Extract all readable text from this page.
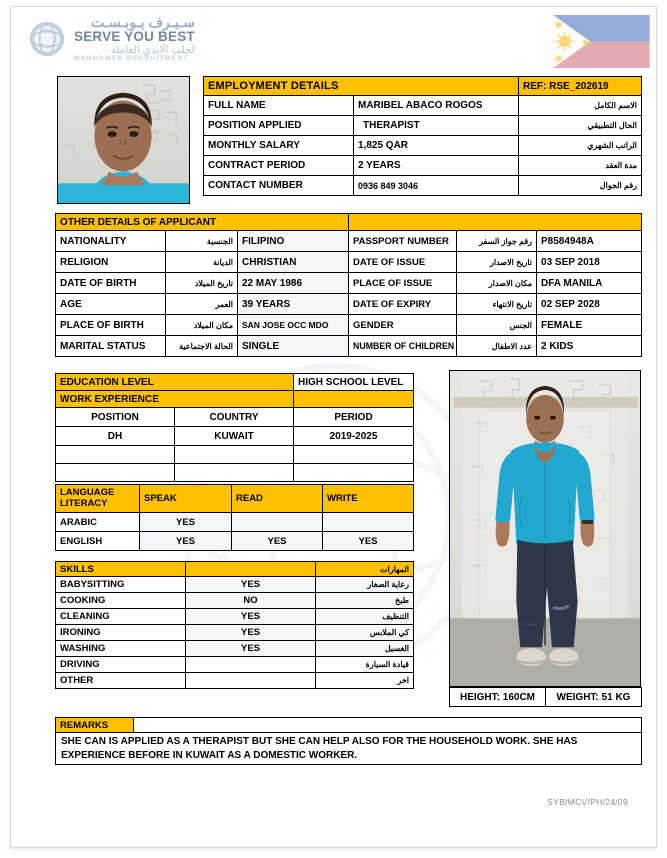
سـيـرف يـوبـسـت
SERVE YOU BEST
لجلب الايدي العاملة
MANPOWER RECRUITMENT
EMPLOYMENT DETAILS		REF: RSE_202619
FULL NAME	MARIBEL ABACO ROGOS	الاسم الكامل
POSITION APPLIED	THERAPIST	الحال التطبيقي
MONTHLY SALARY	1,825 QAR	الراتب الشهري
CONTRACT PERIOD	2 YEARS	مدة العقد
CONTACT NUMBER	0936 849 3046	رقم الجوال
OTHER DETAILS OF APPLICANT					
NATIONALITY	الجنسية	FILIPINO	PASSPORT NUMBER	رقم جواز السفر	P8584948A
RELIGION	الديانة	CHRISTIAN	DATE OF ISSUE	تاريخ الاصدار	03 SEP 2018
DATE OF BIRTH	تاريخ الميلاد	22 MAY 1986	PLACE OF ISSUE	مكان الاصدار	DFA MANILA
AGE	العمر	39 YEARS	DATE OF EXPIRY	تاريخ الانتهاء	02 SEP 2028
PLACE OF BIRTH	مكان الميلاد	SAN JOSE OCC MDO	GENDER	الجنس	FEMALE
MARITAL STATUS	الحالة الاجتماعية	SINGLE	NUMBER OF CHILDREN	عدد الاطفال	2 KIDS
EDUCATION LEVEL		HIGH SCHOOL LEVEL
WORK EXPERIENCE		
POSITION	COUNTRY	PERIOD
DH	KUWAIT	2019-2025

LANGUAGE LITERACY	SPEAK	READ	WRITE
ARABIC	YES		
ENGLISH	YES	YES	YES
SKILLS		المهارات
BABYSITTING	YES	رعاية الصغار
COOKING	NO	طبخ
CLEANING	YES	التنظيف
IRONING	YES	كي الملابس
WASHING	YES	الغسيل
DRIVING		قيادة السيارة
OTHER		اخر
HEIGHT: 160CM	WEIGHT: 51 KG
REMARKS	
SHE CAN IS APPLIED AS A THERAPIST BUT SHE CAN HELP ALSO FOR THE HOUSEHOLD WORK. SHE HAS EXPERIENCE BEFORE IN KUWAIT AS A DOMESTIC WORKER.
SYB/MCV/PH/24/09
